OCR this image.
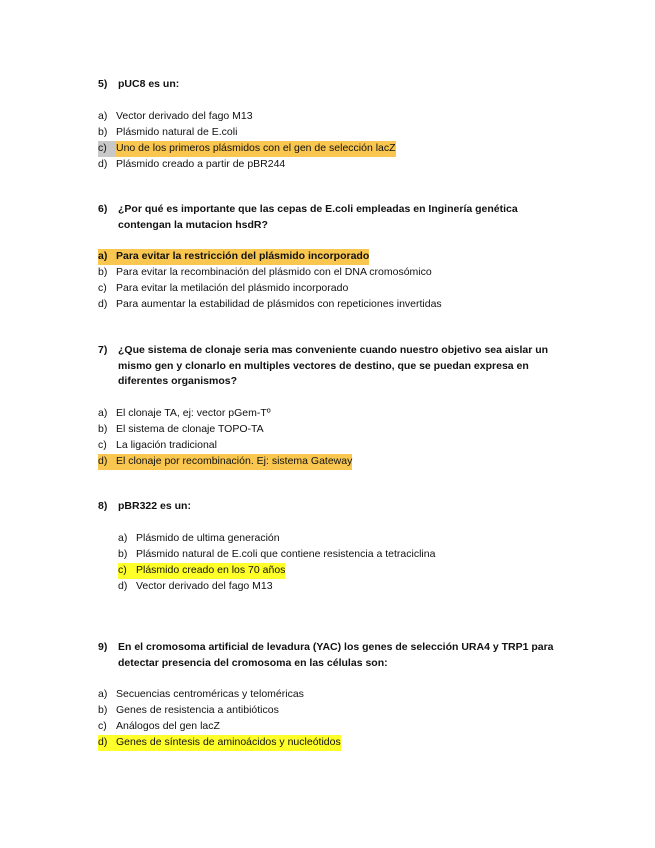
5)	pUC8 es un:
a) Vector derivado del fago M13
b) Plásmido natural de E.coli
c) Uno de los primeros plásmidos con el gen de selección lacZ
d) Plásmido creado a partir de pBR244
6)	¿Por qué es importante que las cepas de E.coli empleadas en Inginería genética contengan la mutacion hsdR?
a) Para evitar la restricción del plásmido incorporado
b) Para evitar la recombinación del plásmido con el DNA cromosómico
c) Para evitar la metilación del plásmido incorporado
d) Para aumentar la estabilidad de plásmidos con repeticiones invertidas
7)	¿Que sistema de clonaje seria mas conveniente cuando nuestro objetivo sea aislar un mismo gen y clonarlo en multiples vectores de destino, que se puedan expresa en diferentes organismos?
a) El clonaje TA, ej: vector pGem-Tº
b) El sistema de clonaje TOPO-TA
c) La ligación tradicional
d) El clonaje por recombinación. Ej: sistema Gateway
8)	pBR322 es un:
a) Plásmido de ultima generación
b) Plásmido natural de E.coli que contiene resistencia a tetraciclina
c) Plásmido creado en los 70 años
d) Vector derivado del fago M13
9)	En el cromosoma artificial de levadura (YAC) los genes de selección URA4 y TRP1 para detectar presencia del cromosoma en las células son:
a) Secuencias centroméricas y teloméricas
b) Genes de resistencia a antibióticos
c) Análogos del gen lacZ
d) Genes de síntesis de aminoácidos y nucleótidos
